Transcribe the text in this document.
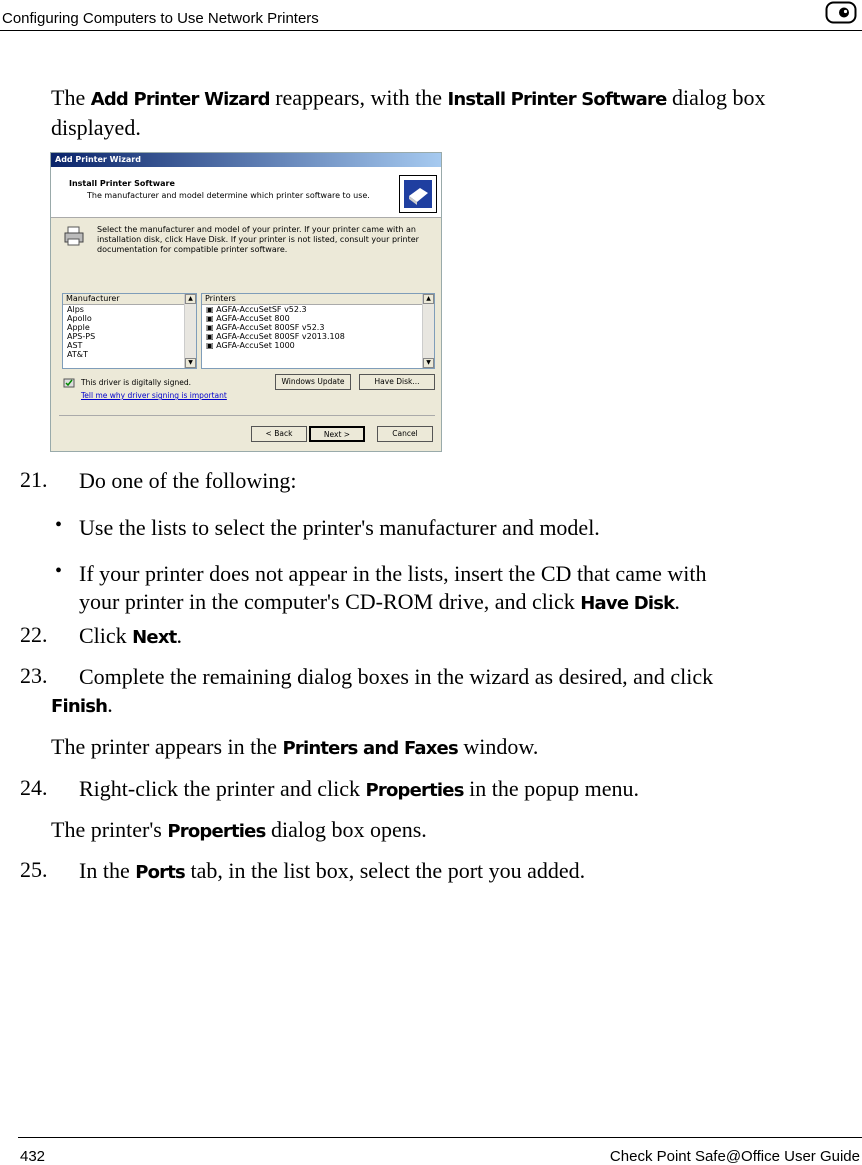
Configuring Computers to Use Network Printers
The Add Printer Wizard reappears, with the Install Printer Software dialog box
displayed.
Add Printer Wizard
Install Printer Software
The manufacturer and model determine which printer software to use.
Select the manufacturer and model of your printer. If your printer came with an installation disk, click Have Disk. If your printer is not listed, consult your printer documentation for compatible printer software.
Manufacturer
Alps
Apollo
Apple
APS-PS
AST
AT&T
▲
▼
Printers
▣ AGFA-AccuSetSF v52.3
▣ AGFA-AccuSet 800
▣ AGFA-AccuSet 800SF v52.3
▣ AGFA-AccuSet 800SF v2013.108
▣ AGFA-AccuSet 1000
▲
▼
This driver is digitally signed.
Tell me why driver signing is important
Windows Update	Have Disk...
< Back	Next >	Cancel
21. Do one of the following:
• Use the lists to select the printer's manufacturer and model.
• If your printer does not appear in the lists, insert the CD that came with
your printer in the computer's CD-ROM drive, and click Have Disk.
22. Click Next.
23. Complete the remaining dialog boxes in the wizard as desired, and click
Finish.
The printer appears in the Printers and Faxes window.
24. Right-click the printer and click Properties in the popup menu.
The printer's Properties dialog box opens.
25. In the Ports tab, in the list box, select the port you added.
432	Check Point Safe@Office User Guide
